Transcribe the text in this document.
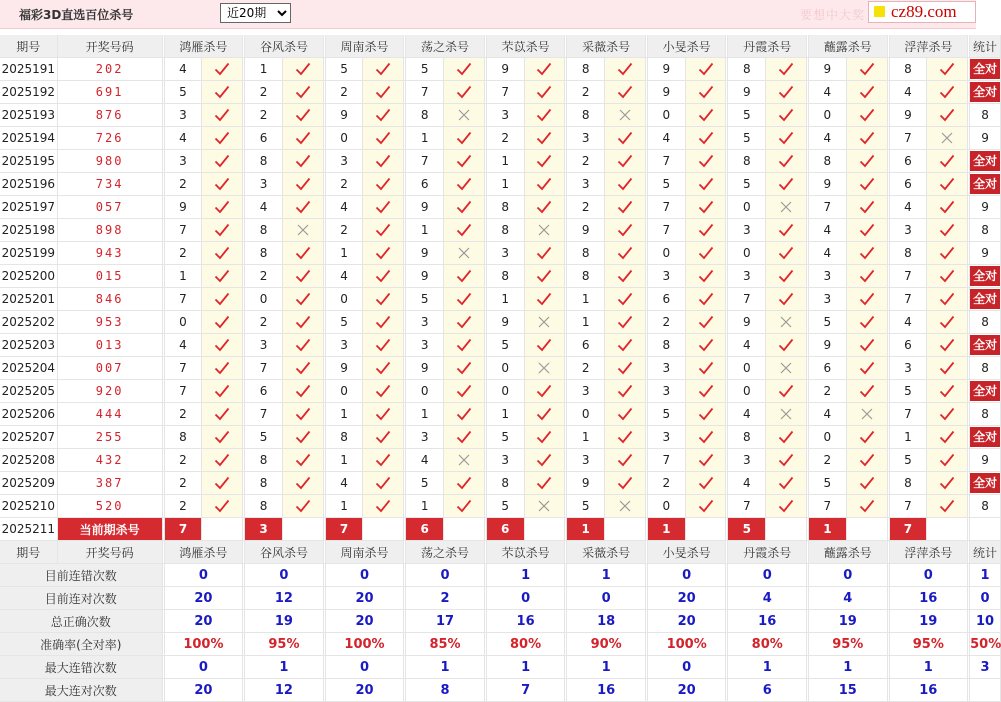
福彩3D直选百位杀号
近20期	要想中大奖 cz89.com
期号	开奖号码		鸿雁杀号			谷风杀号			周南杀号			荡之杀号			芣苡杀号			采薇杀号			小旻杀号			丹霞杀号			蘸露杀号			浮萍杀号			统计
2025191	202		4			1			5			5			9			8			9			8			9			8			全对
2025192	691		5			2			2			7			7			2			9			9			4			4			全对
2025193	876		3			2			9			8			3			8			0			5			0			9			8
2025194	726		4			6			0			1			2			3			4			5			4			7			9
2025195	980		3			8			3			7			1			2			7			8			8			6			全对
2025196	734		2			3			2			6			1			3			5			5			9			6			全对
2025197	057		9			4			4			9			8			2			7			0			7			4			9
2025198	898		7			8			2			1			8			9			7			3			4			3			8
2025199	943		2			8			1			9			3			8			0			0			4			8			9
2025200	015		1			2			4			9			8			8			3			3			3			7			全对
2025201	846		7			0			0			5			1			1			6			7			3			7			全对
2025202	953		0			2			5			3			9			1			2			9			5			4			8
2025203	013		4			3			3			3			5			6			8			4			9			6			全对
2025204	007		7			7			9			9			0			2			3			0			6			3			8
2025205	920		7			6			0			0			0			3			3			0			2			5			全对
2025206	444		2			7			1			1			1			0			5			4			4			7			8
2025207	255		8			5			8			3			5			1			3			8			0			1			全对
2025208	432		2			8			1			4			3			3			7			3			2			5			9
2025209	387		2			8			4			5			8			9			2			4			5			8			全对
2025210	520		2			8			1			1			5			5			0			7			7			7			8
2025211	当前期杀号		7			3			7			6			6			1			1			5			1			7			
期号	开奖号码		鸿雁杀号			谷风杀号			周南杀号			荡之杀号			芣苡杀号			采薇杀号			小旻杀号			丹霞杀号			蘸露杀号			浮萍杀号			统计
目前连错次数			0			0			0			0			1			1			0			0			0			0			1
目前连对次数			20			12			20			2			0			0			20			4			4			16			0
总正确次数			20			19			20			17			16			18			20			16			19			19			10
准确率(全对率)			100%			95%			100%			85%			80%			90%			100%			80%			95%			95%			50%
最大连错次数			0			1			0			1			1			1			0			1			1			1			3
最大连对次数			20			12			20			8			7			16			20			6			15			16			
